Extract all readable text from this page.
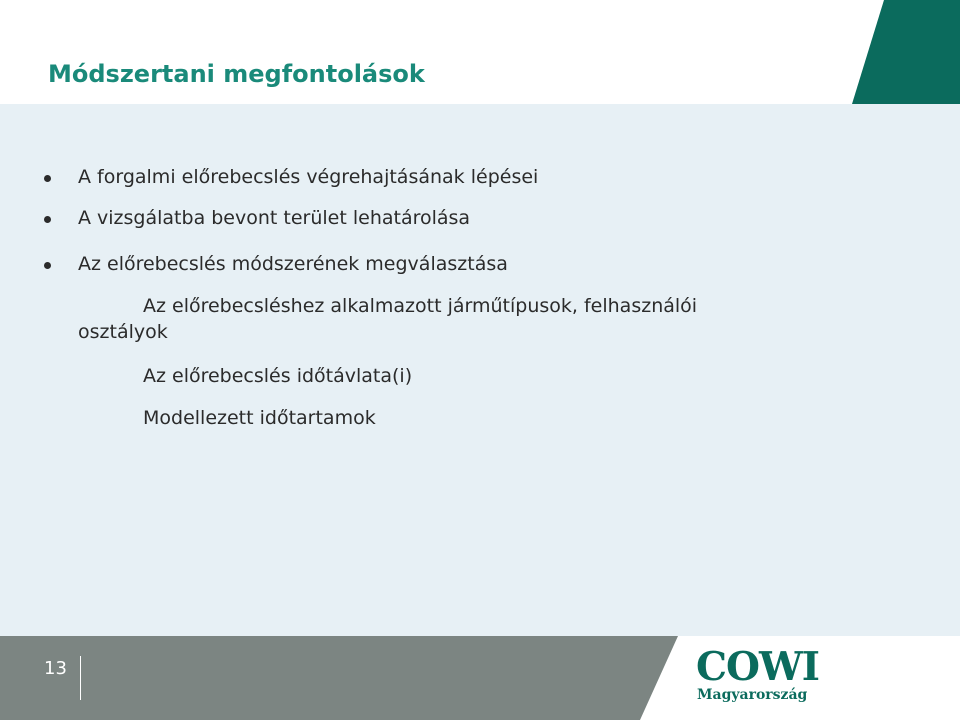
Módszertani megfontolások
A forgalmi előrebecslés végrehajtásának lépései
A vizsgálatba bevont terület lehatárolása
Az előrebecslés módszerének megválasztása
Az előrebecsléshez alkalmazott járműtípusok, felhasználói
osztályok
Az előrebecslés időtávlata(i)
Modellezett időtartamok
13	COWI
Magyarország
